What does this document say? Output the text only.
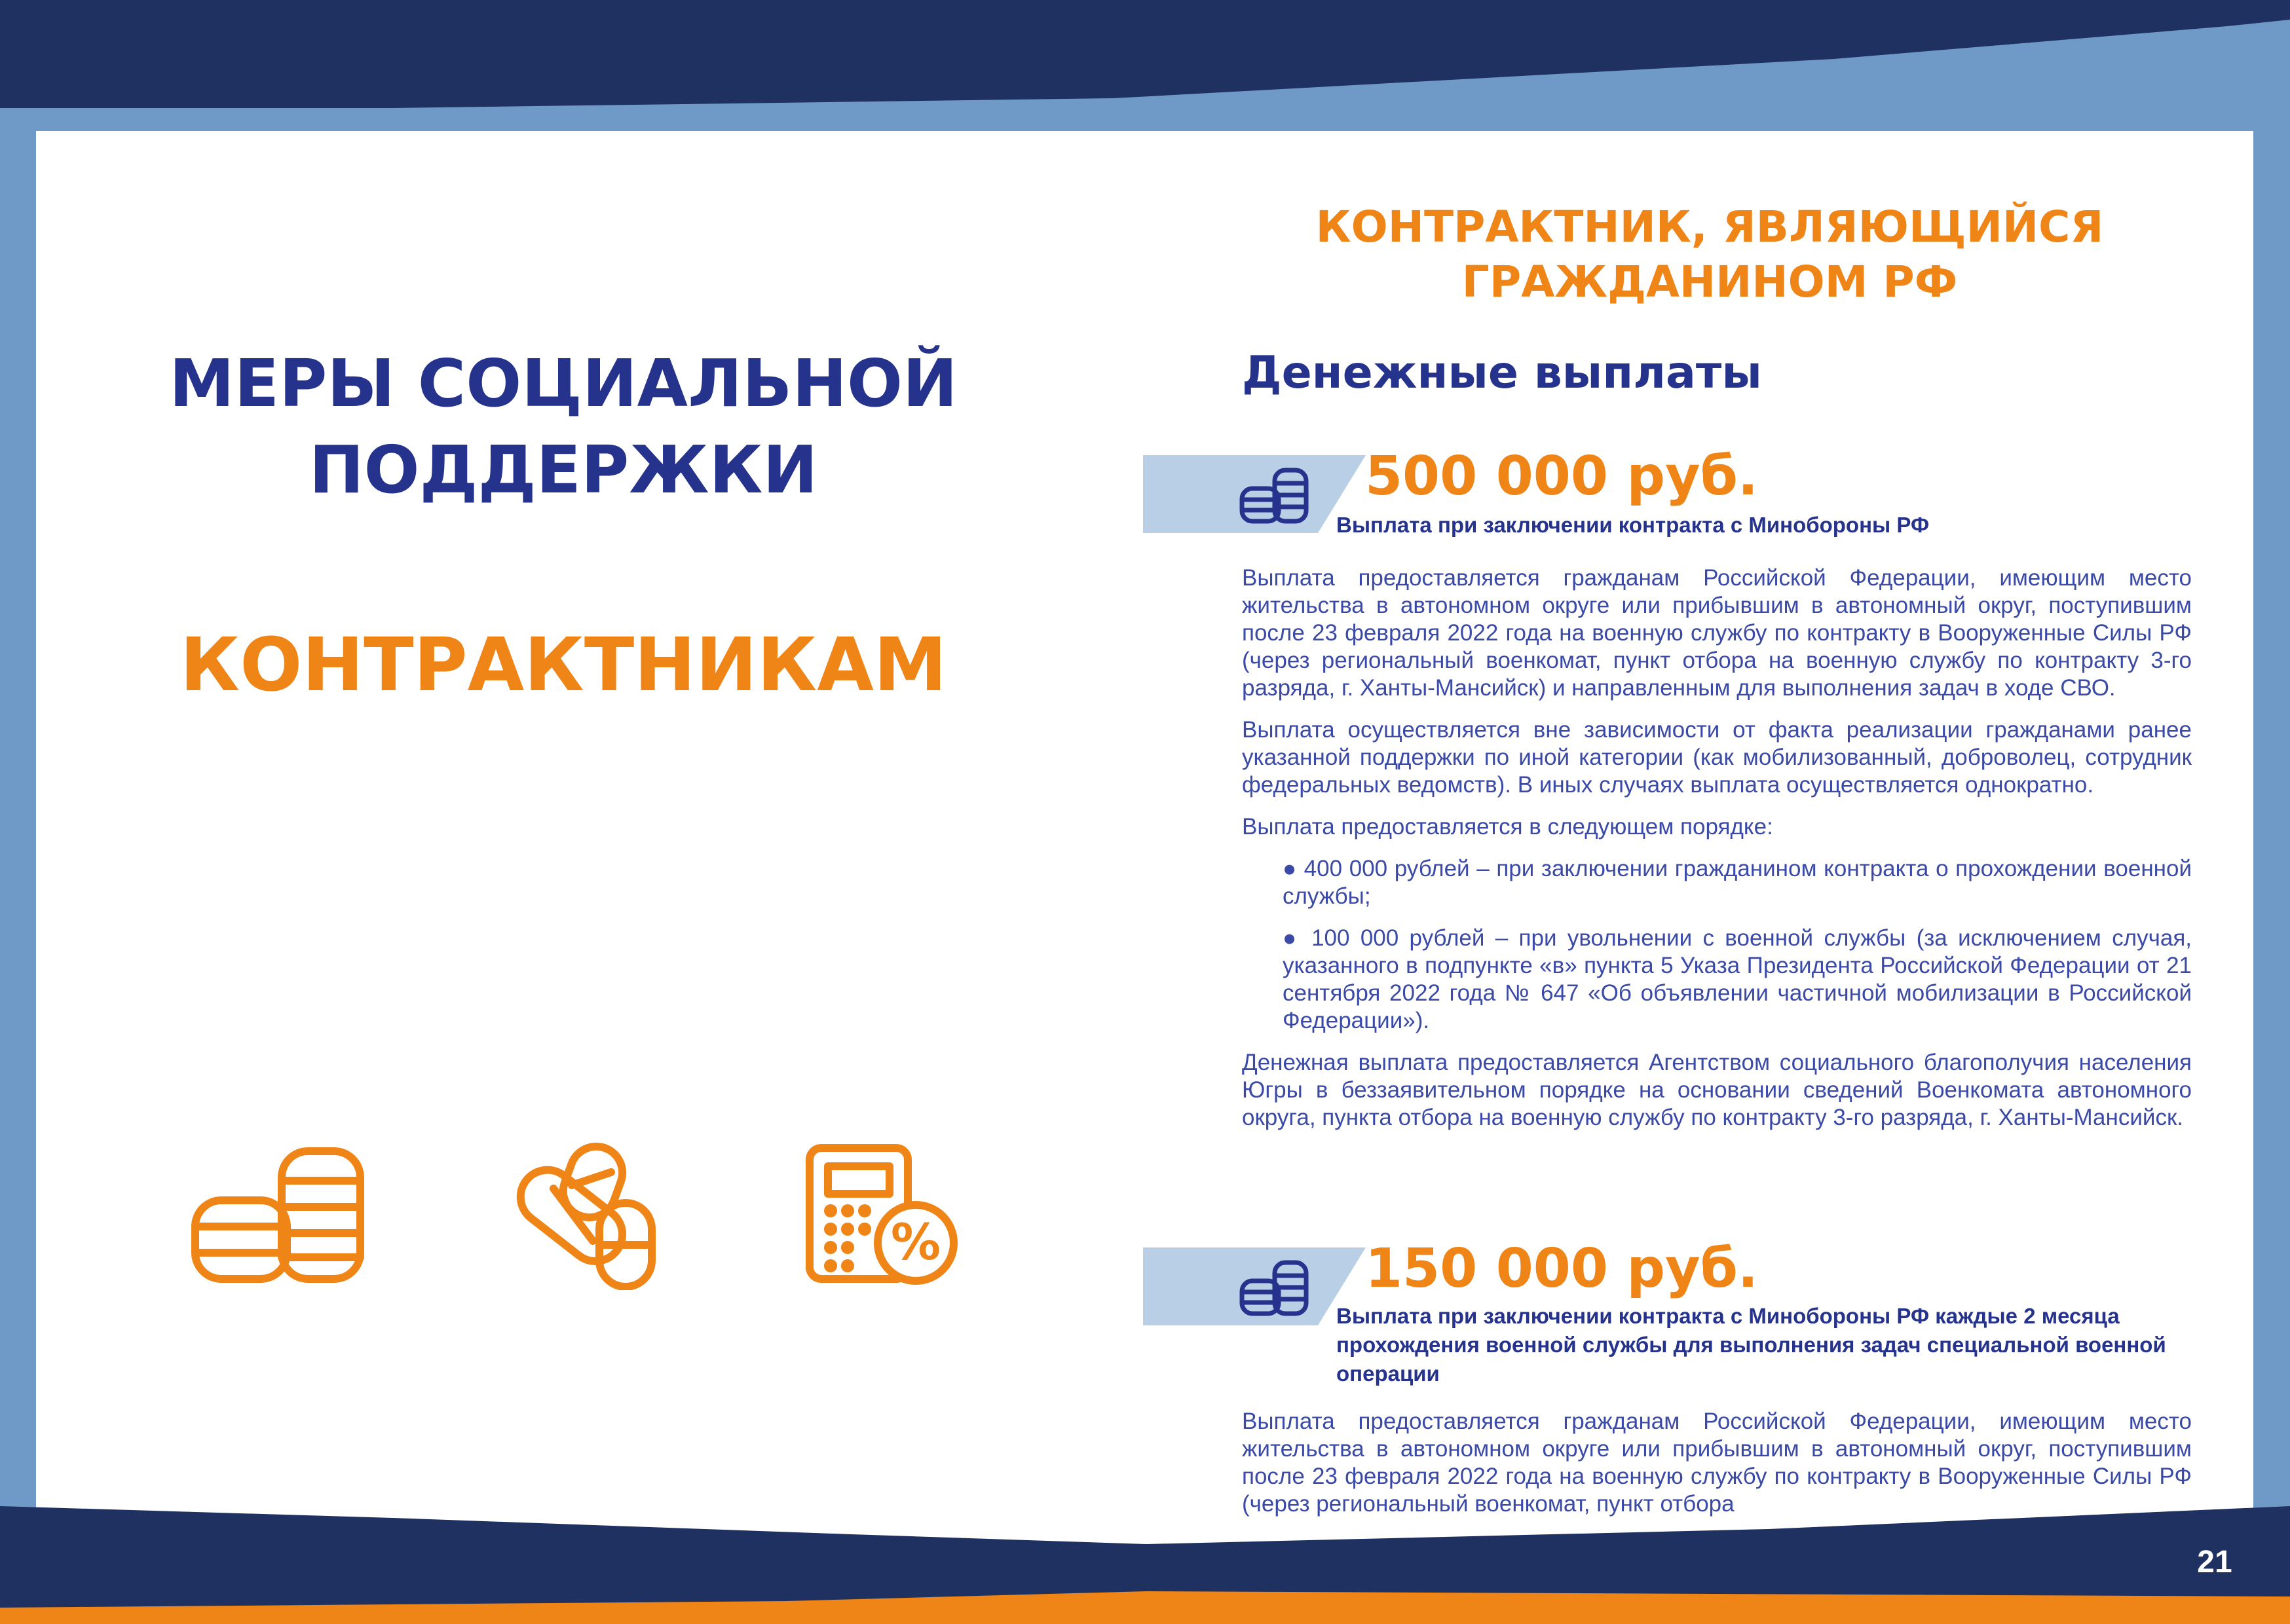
МЕРЫ СОЦИАЛЬНОЙ
ПОДДЕРЖКИ
КОНТРАКТНИКАМ
%
КОНТРАКТНИК, ЯВЛЯЮЩИЙСЯ
ГРАЖДАНИНОМ РФ
Денежные выплаты
500 000 руб.
Выплата при заключении контракта с Минобороны РФ

Выплата предоставляется гражданам Российской Федерации, имеющим место жительства в автономном округе или прибывшим в автономный округ, поступившим после 23 февраля 2022 года на военную службу по контракту в Вооруженные Силы РФ (через региональный военкомат, пункт отбора на военную службу по контракту 3-го разряда, г. Ханты-Мансийск) и направленным для выполнения задач в ходе СВО.

Выплата осуществляется вне зависимости от факта реализации гражданами ранее указанной поддержки по иной категории (как мобилизованный, доброволец, сотрудник федеральных ведомств). В иных случаях выплата осуществляется однократно.

Выплата предоставляется в следующем порядке:

● 400 000 рублей – при заключении гражданином контракта о прохождении военной службы;

● 100 000 рублей – при увольнении с военной службы (за исключением случая, указанного в подпункте «в» пункта 5 Указа Президента Российской Федерации от 21 сентября 2022 года № 647 «Об объявлении частичной мобилизации в Российской Федерации»).

Денежная выплата предоставляется Агентством социального благополучия населения Югры в беззаявительном порядке на основании сведений Военкомата автономного округа, пункта отбора на военную службу по контракту 3-го разряда, г. Ханты-Мансийск.

150 000 руб.
Выплата при заключении контракта с Минобороны РФ каждые 2 месяца прохождения военной службы для выполнения задач специальной военной операции

Выплата предоставляется гражданам Российской Федерации, имеющим место жительства в автономном округе или прибывшим в автономный округ, поступившим после 23 февраля 2022 года на военную службу по контракту в Вооруженные Силы РФ (через региональный военкомат, пункт отбора

21
